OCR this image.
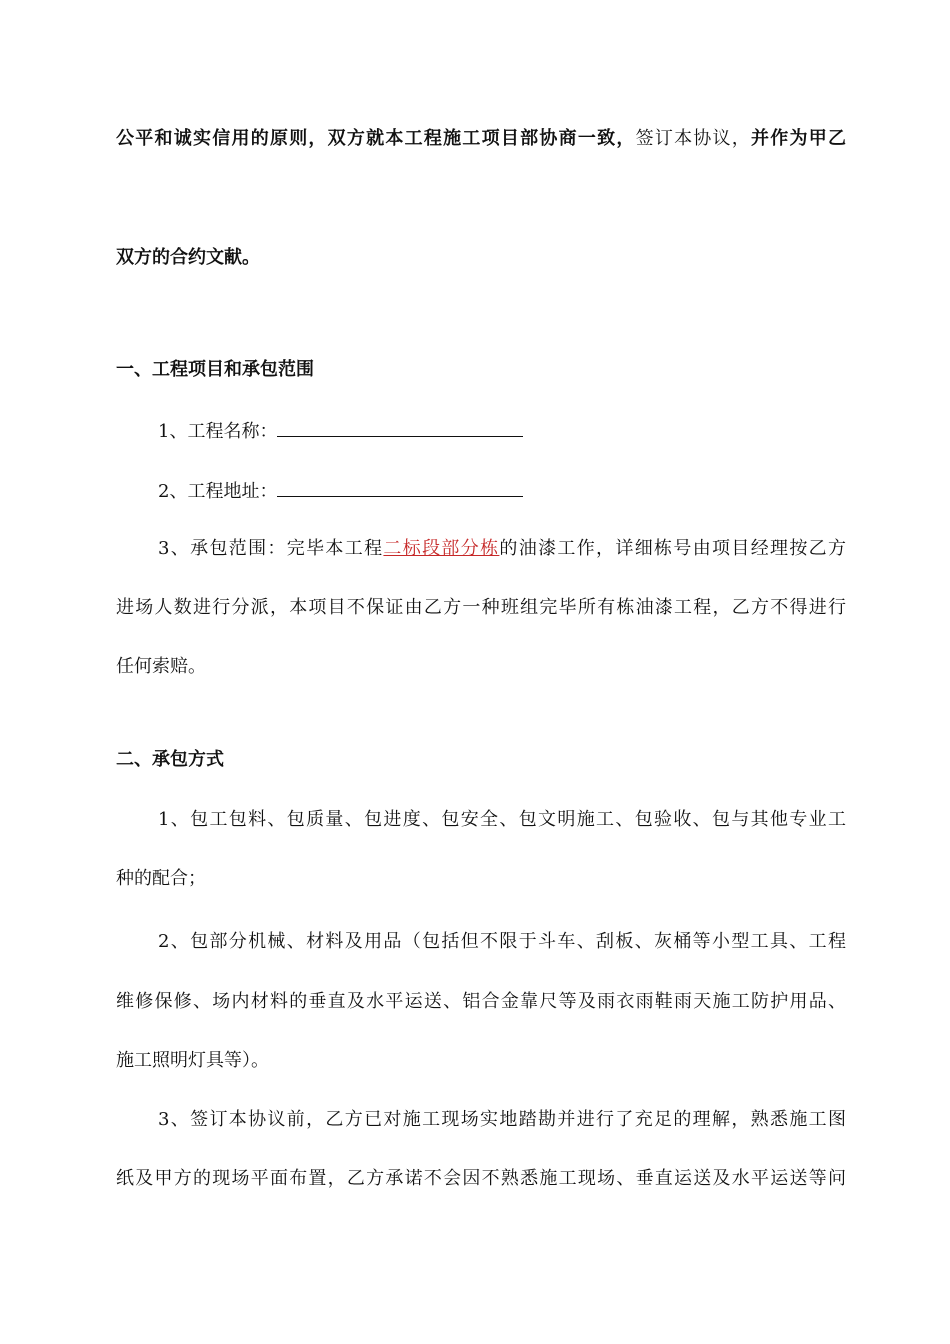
公平和诚实信用的原则，双方就本工程施工项目部协商一致，签订本协议，并作为甲乙
双方的合约文献。
一、工程项目和承包范围
1、工程名称：
2、工程地址：
3、承包范围：完毕本工程二标段部分栋的油漆工作，详细栋号由项目经理按乙方
进场人数进行分派，本项目不保证由乙方一种班组完毕所有栋油漆工程，乙方不得进行
任何索赔。
二、承包方式
1、包工包料、包质量、包进度、包安全、包文明施工、包验收、包与其他专业工
种的配合；
2、包部分机械、材料及用品（包括但不限于斗车、刮板、灰桶等小型工具、工程
维修保修、场内材料的垂直及水平运送、铝合金靠尺等及雨衣雨鞋雨天施工防护用品、
施工照明灯具等）。
3、签订本协议前，乙方已对施工现场实地踏勘并进行了充足的理解，熟悉施工图
纸及甲方的现场平面布置，乙方承诺不会因不熟悉施工现场、垂直运送及水平运送等问
